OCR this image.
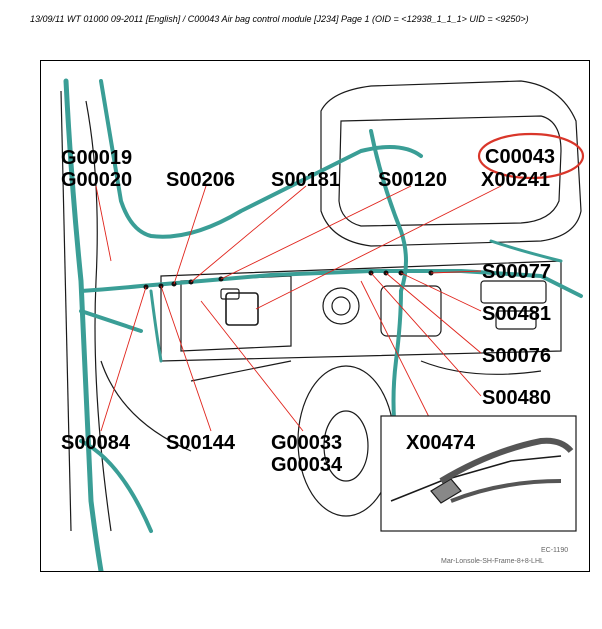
13/09/11 WT 01000 09-2011 [English] / C00043 Air bag control module [J234] Page 1 (OID = <12938_1_1_1> UID = <9250>)
G00019
G00020 S00206 S00181 S00120 X00241
C00043
S00077
S00481
S00076
S00480
S00084 S00144 G00033
G00034
X00474
EC-1190
Mar-Lonsole-SH-Frame-8+8-LHL
